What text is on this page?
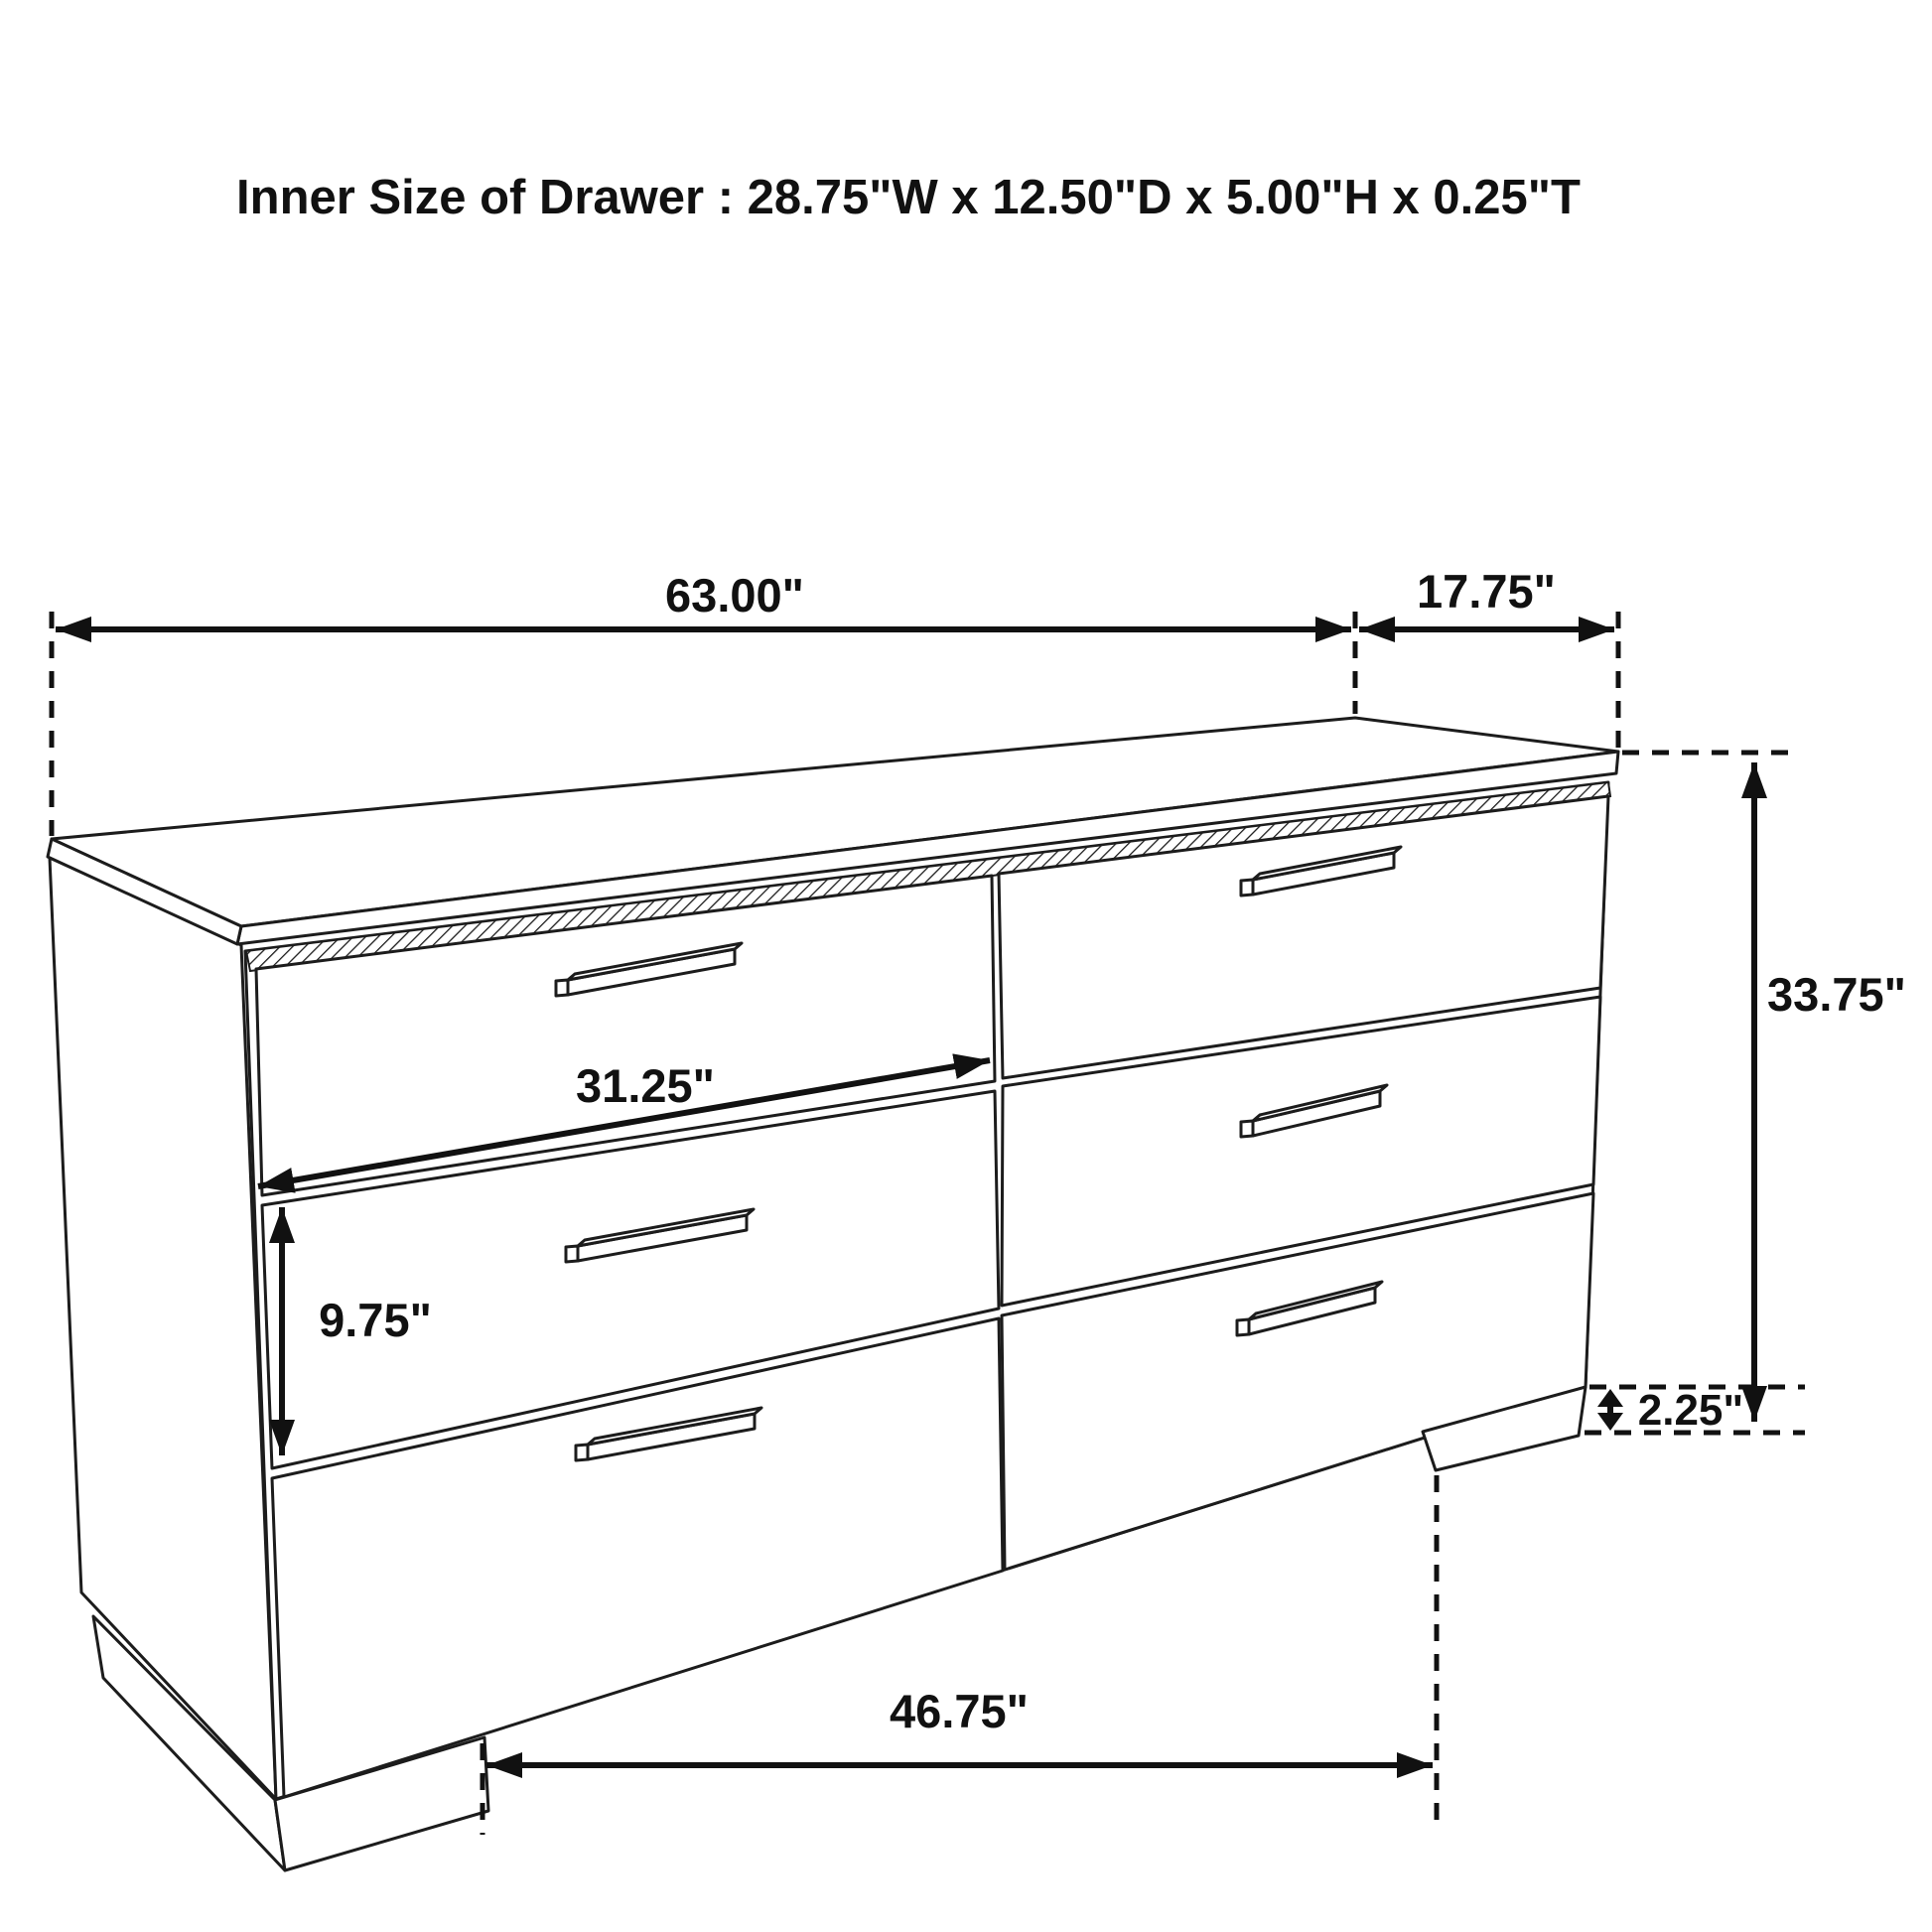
63.00"	17.75"
31.25"
9.75"
33.75"
2.25"
46.75"
Inner Size of Drawer : 28.75"W x 12.50"D x 5.00"H x 0.25"T
